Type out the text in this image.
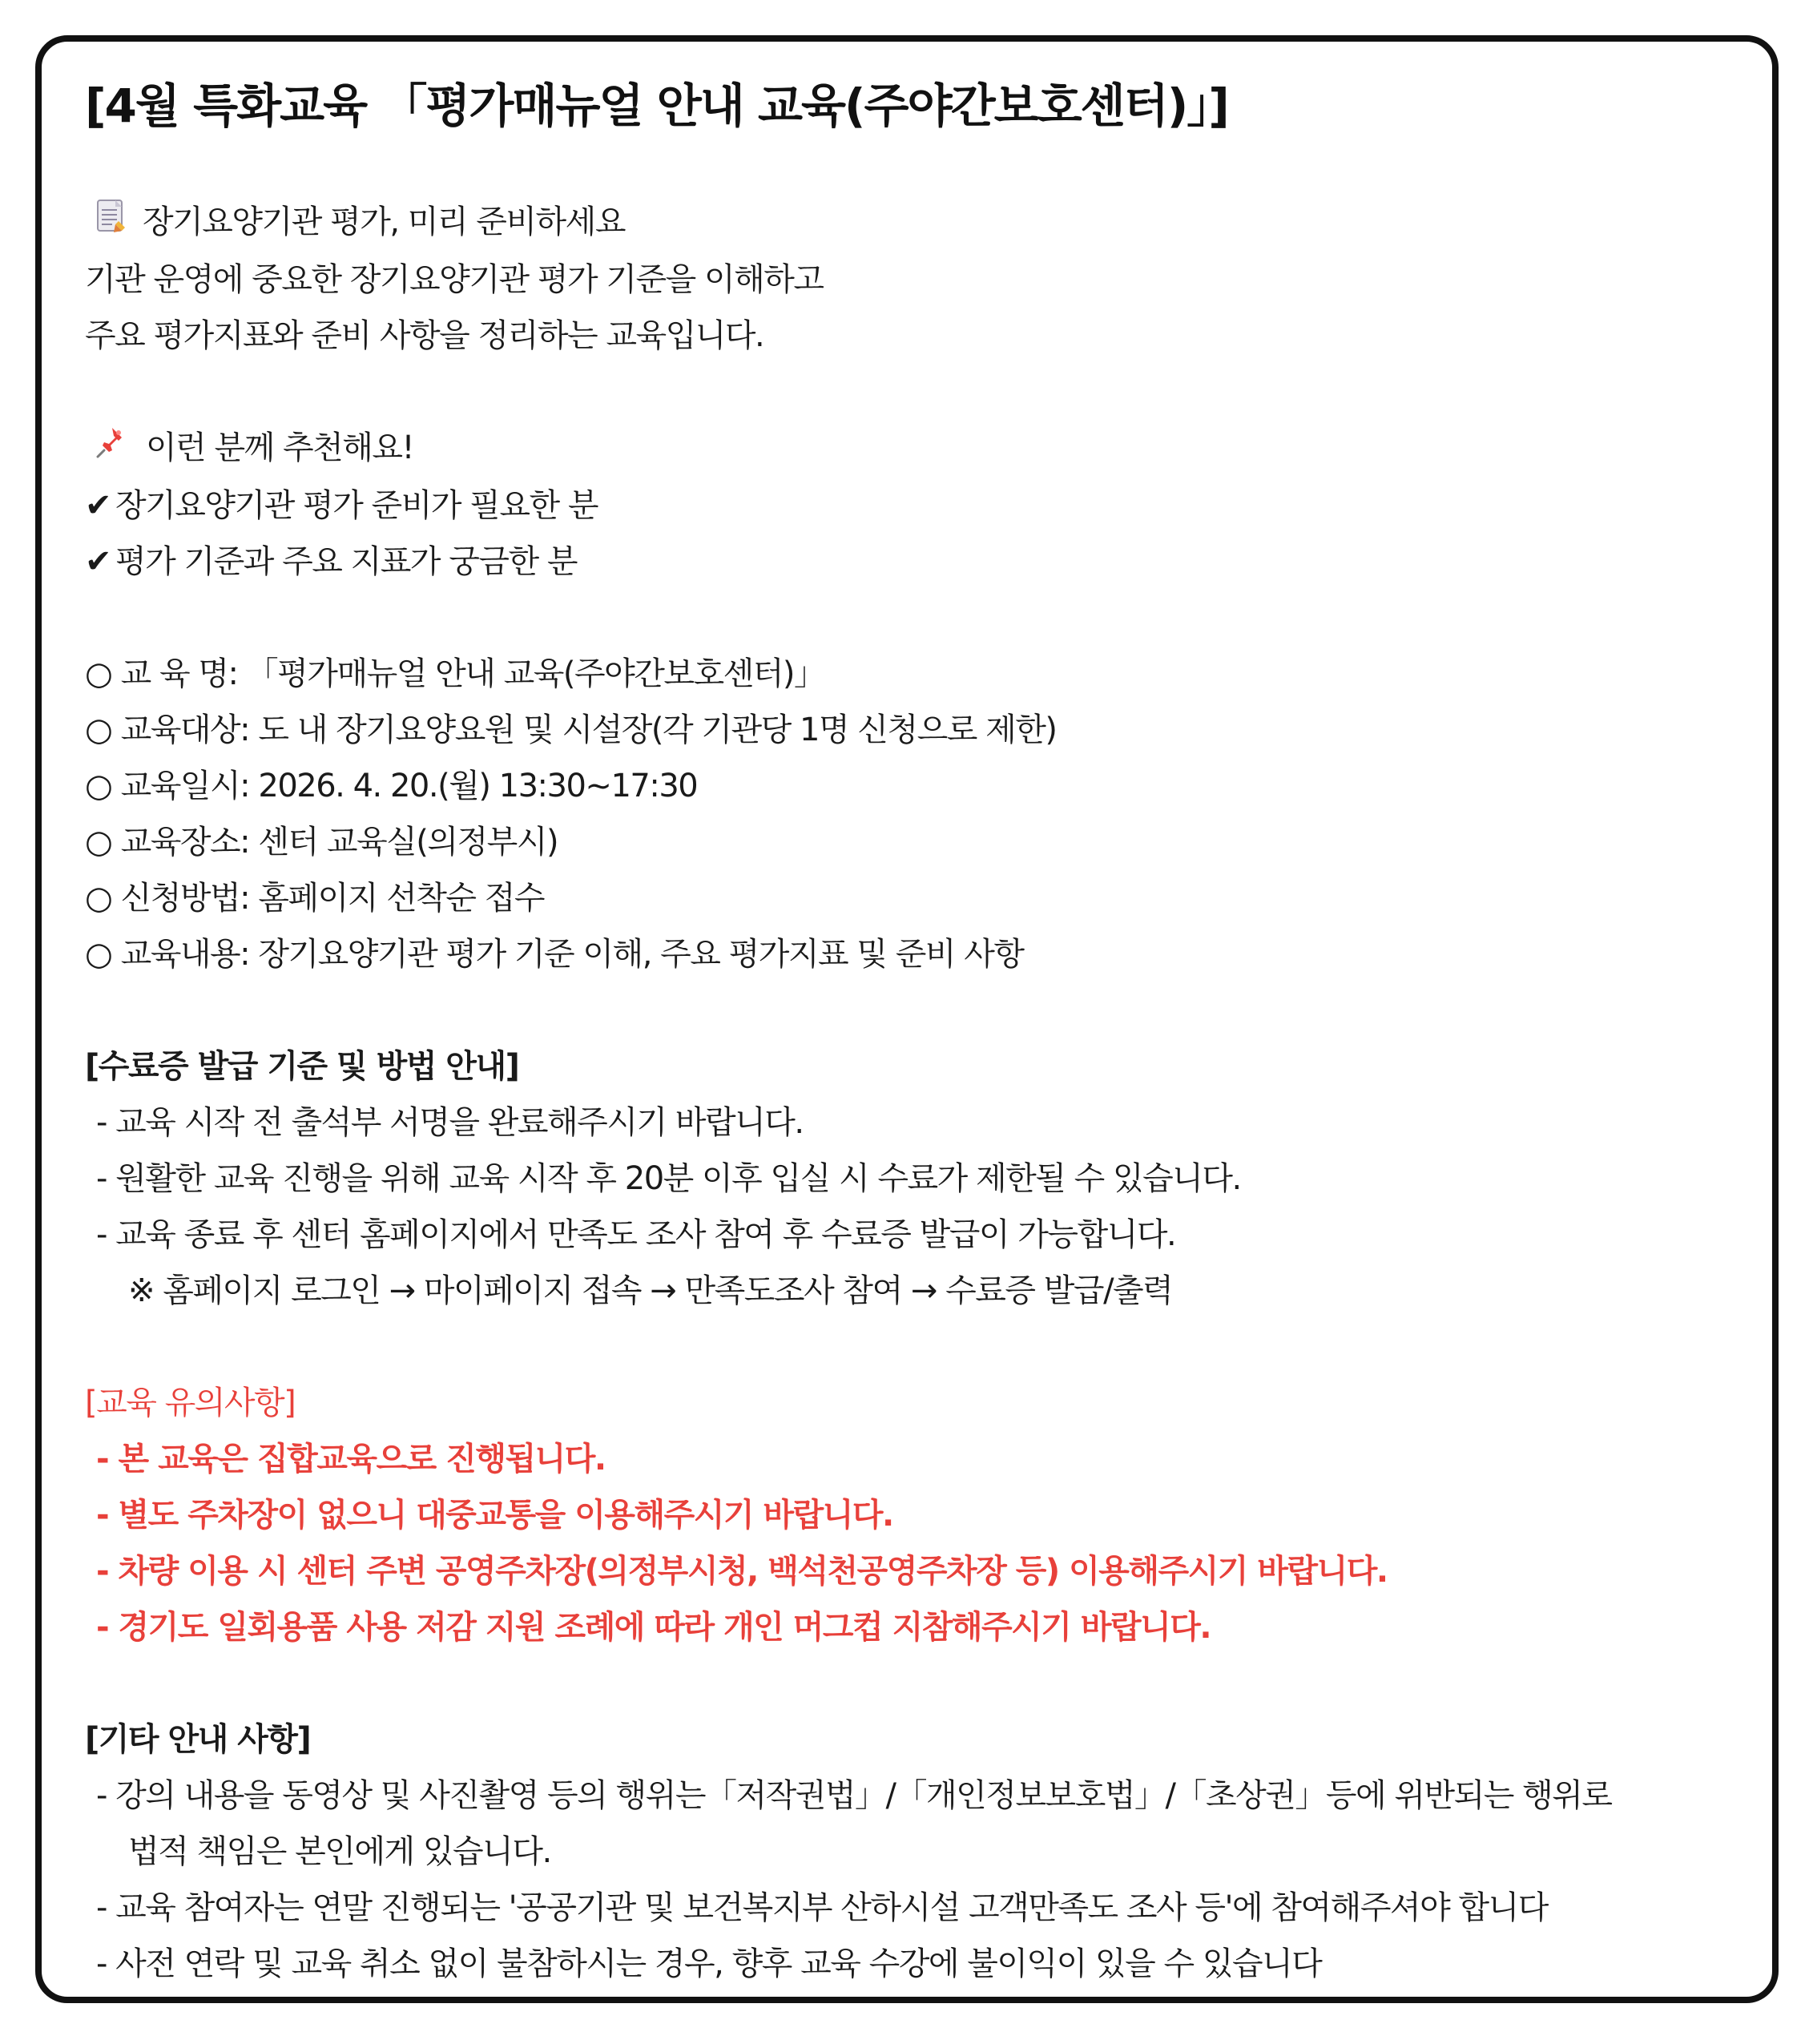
[4월 특화교육 「평가매뉴얼 안내 교육(주야간보호센터)」]
장기요양기관 평가, 미리 준비하세요

기관 운영에 중요한 장기요양기관 평가 기준을 이해하고

주요 평가지표와 준비 사항을 정리하는 교육입니다.

이런 분께 추천해요!
✔ 장기요양기관 평가 준비가 필요한 분
✔ 평가 기준과 주요 지표가 궁금한 분

○ 교 육 명: 「평가매뉴얼 안내 교육(주야간보호센터)」

○ 교육대상: 도 내 장기요양요원 및 시설장(각 기관당 1명 신청으로 제한)

○ 교육일시: 2026. 4. 20.(월) 13:30~17:30

○ 교육장소: 센터 교육실(의정부시)

○ 신청방법: 홈페이지 선착순 접수

○ 교육내용: 장기요양기관 평가 기준 이해, 주요 평가지표 및 준비 사항

[수료증 발급 기준 및 방법 안내]

- 교육 시작 전 출석부 서명을 완료해주시기 바랍니다.

- 원활한 교육 진행을 위해 교육 시작 후 20분 이후 입실 시 수료가 제한될 수 있습니다.

- 교육 종료 후 센터 홈페이지에서 만족도 조사 참여 후 수료증 발급이 가능합니다.

※ 홈페이지 로그인 → 마이페이지 접속 → 만족도조사 참여 → 수료증 발급/출력

[교육 유의사항]

- 본 교육은 집합교육으로 진행됩니다.

- 별도 주차장이 없으니 대중교통을 이용해주시기 바랍니다.

- 차량 이용 시 센터 주변 공영주차장(의정부시청, 백석천공영주차장 등) 이용해주시기 바랍니다.

- 경기도 일회용품 사용 저감 지원 조례에 따라 개인 머그컵 지참해주시기 바랍니다.

[기타 안내 사항]

- 강의 내용을 동영상 및 사진촬영 등의 행위는「저작권법」/「개인정보보호법」/「초상권」등에 위반되는 행위로

법적 책임은 본인에게 있습니다.

- 교육 참여자는 연말 진행되는 '공공기관 및 보건복지부 산하시설 고객만족도 조사 등'에 참여해주셔야 합니다

- 사전 연락 및 교육 취소 없이 불참하시는 경우, 향후 교육 수강에 불이익이 있을 수 있습니다
